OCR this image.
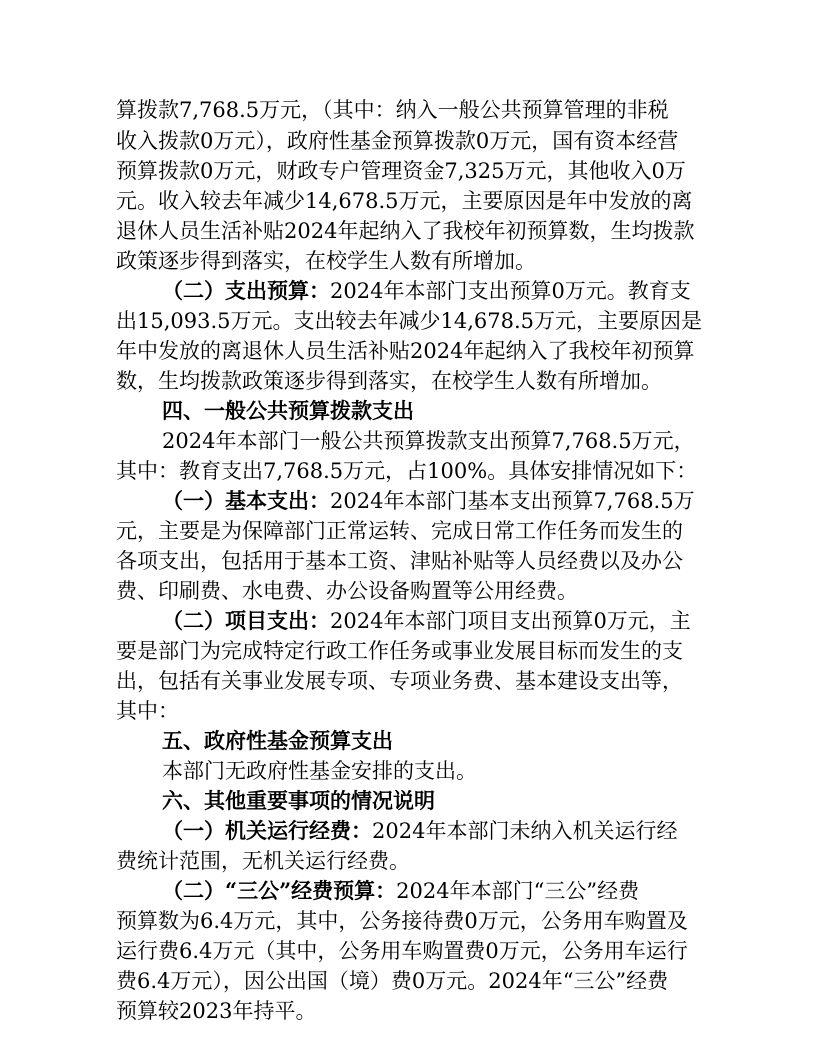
算拨款7,768.5万元，（其中：纳入一般公共预算管理的非税
收入拨款0万元），政府性基金预算拨款0万元，国有资本经营
预算拨款0万元，财政专户管理资金7,325万元，其他收入0万
元。收入较去年减少14,678.5万元，主要原因是年中发放的离
退休人员生活补贴2024年起纳入了我校年初预算数，生均拨款
政策逐步得到落实，在校学生人数有所增加。
（二）支出预算：2024年本部门支出预算0万元。教育支
出15,093.5万元。支出较去年减少14,678.5万元，主要原因是
年中发放的离退休人员生活补贴2024年起纳入了我校年初预算
数，生均拨款政策逐步得到落实，在校学生人数有所增加。
四、一般公共预算拨款支出
2024年本部门一般公共预算拨款支出预算7,768.5万元，
其中：教育支出7,768.5万元，占100%。具体安排情况如下：
（一）基本支出：2024年本部门基本支出预算7,768.5万
元，主要是为保障部门正常运转、完成日常工作任务而发生的
各项支出，包括用于基本工资、津贴补贴等人员经费以及办公
费、印刷费、水电费、办公设备购置等公用经费。
（二）项目支出：2024年本部门项目支出预算0万元，主
要是部门为完成特定行政工作任务或事业发展目标而发生的支
出，包括有关事业发展专项、专项业务费、基本建设支出等，
其中：
五、政府性基金预算支出
本部门无政府性基金安排的支出。
六、其他重要事项的情况说明
（一）机关运行经费：2024年本部门未纳入机关运行经
费统计范围，无机关运行经费。
（二）“三公”经费预算：2024年本部门“三公”经费
预算数为6.4万元，其中，公务接待费0万元，公务用车购置及
运行费6.4万元（其中，公务用车购置费0万元，公务用车运行
费6.4万元），因公出国（境）费0万元。2024年“三公”经费
预算较2023年持平。
